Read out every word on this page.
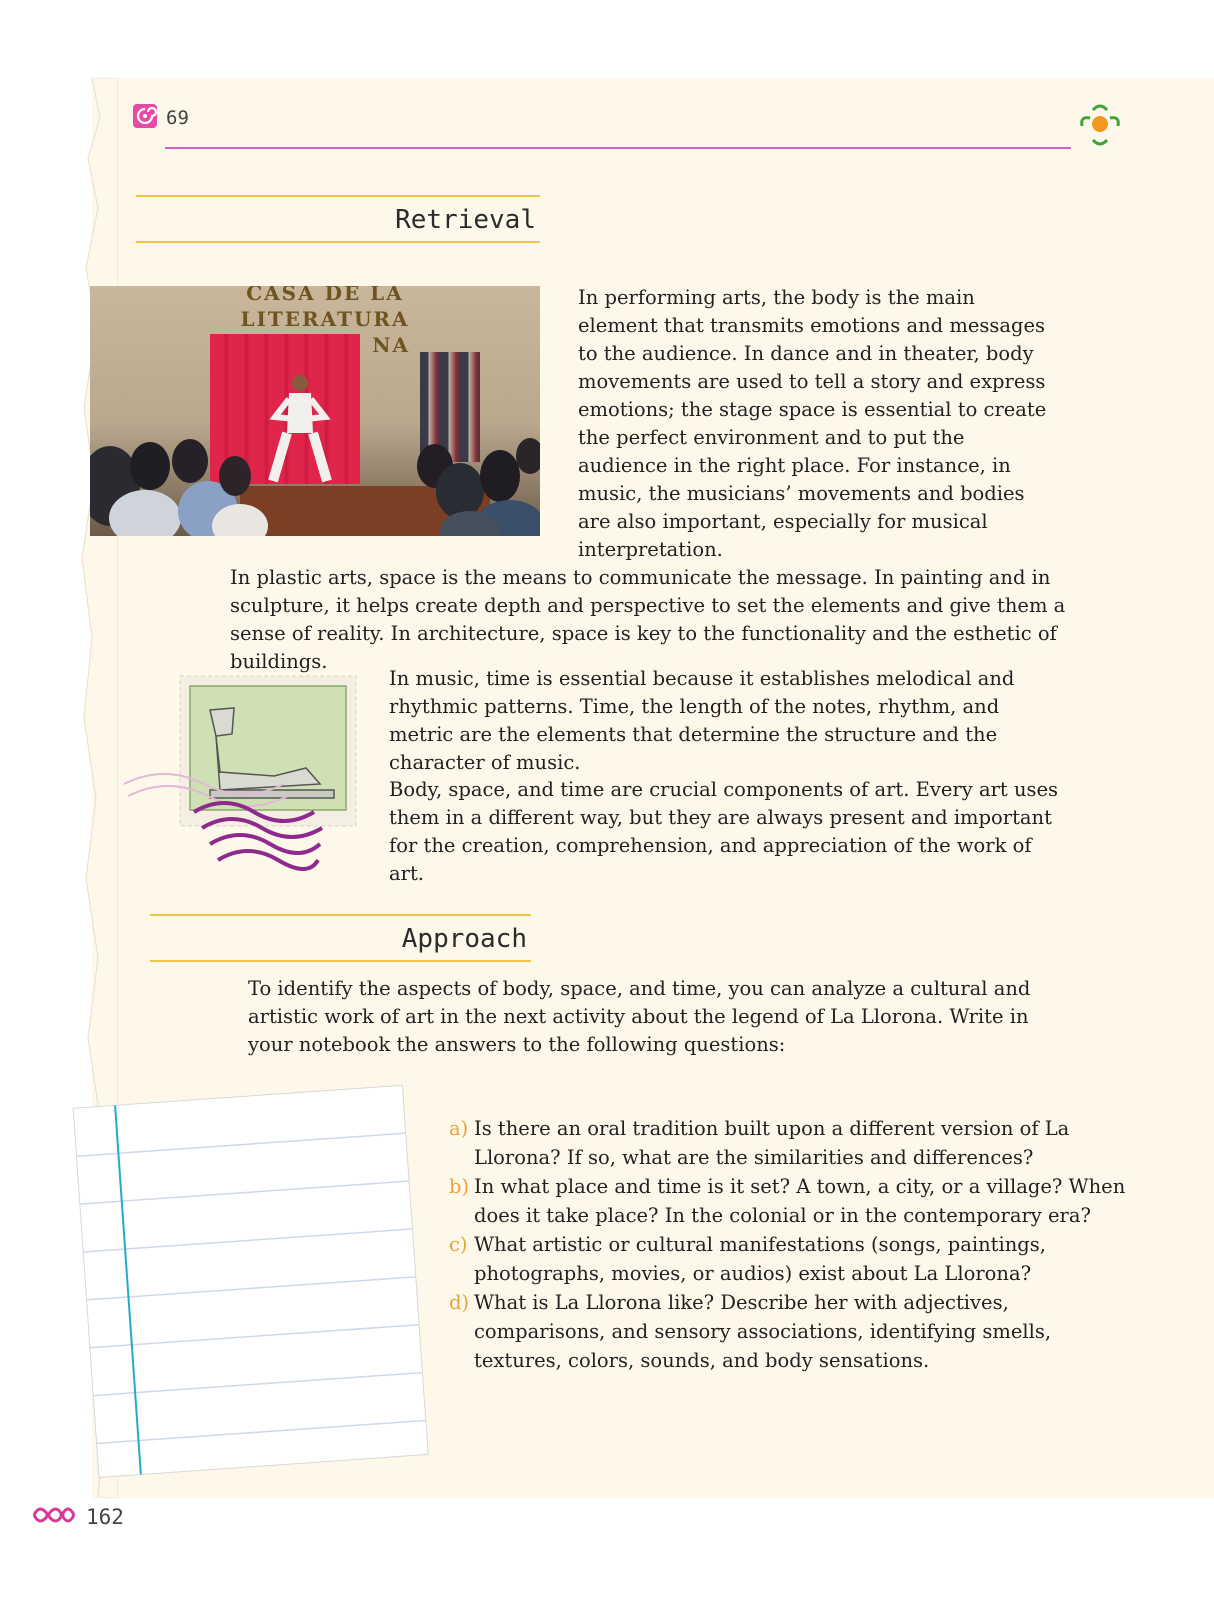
69
Retrieval
CASA DE LA
LITERATURA
NA

In performing arts, the body is the main element that transmits emotions and messages to the audience. In dance and in theater, body movements are used to tell a story and express emotions; the stage space is essential to create the perfect environment and to put the audience in the right place. For instance, in music, the musicians’ movements and bodies are also important, especially for musical interpretation.

In plastic arts, space is the means to communicate the message. In painting and in sculpture, it helps create depth and perspective to set the elements and give them a sense of reality. In architecture, space is key to the functionality and the esthetic of buildings.

In music, time is essential because it establishes melodical and rhythmic patterns. Time, the length of the notes, rhythm, and metric are the elements that determine the structure and the character of music.

Body, space, and time are crucial components of art. Every art uses them in a different way, but they are always present and important for the creation, comprehension, and appreciation of the work of art.

Approach

To identify the aspects of body, space, and time, you can analyze a cultural and artistic work of art in the next activity about the legend of La Llorona. Write in your notebook the answers to the following questions:

a) Is there an oral tradition built upon a different version of La Llorona? If so, what are the similarities and differences?
b) In what place and time is it set? A town, a city, or a village? When does it take place? In the colonial or in the contemporary era?
c) What artistic or cultural manifestations (songs, paintings, photographs, movies, or audios) exist about La Llorona?
d) What is La Llorona like? Describe her with adjectives, comparisons, and sensory associations, identifying smells, textures, colors, sounds, and body sensations.
162
